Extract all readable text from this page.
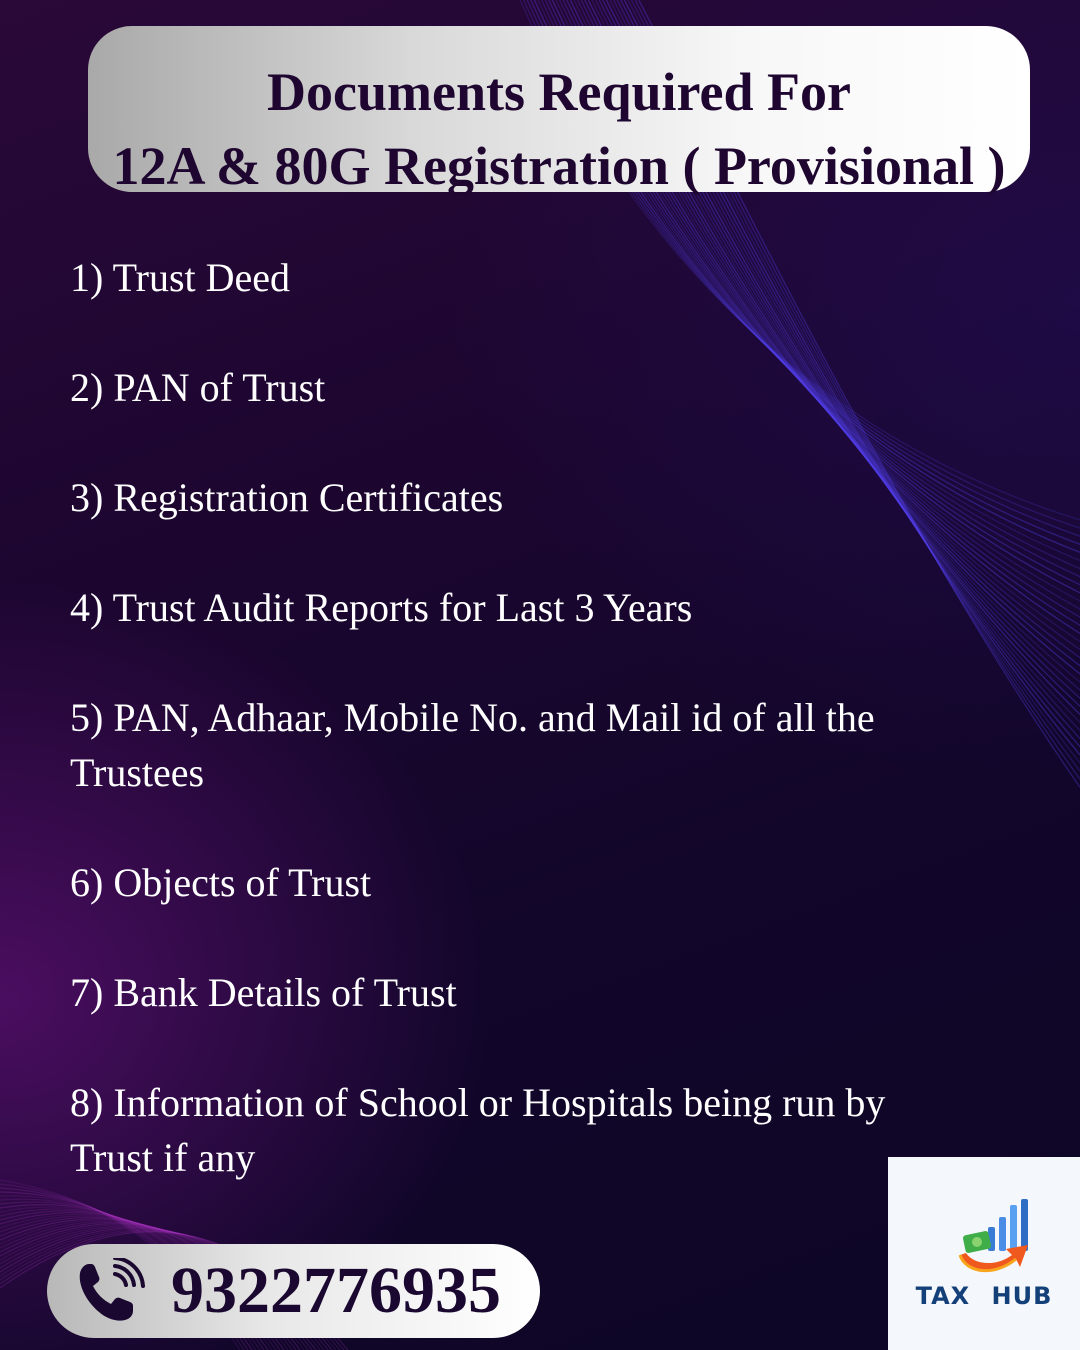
Documents Required For
12A & 80G Registration ( Provisional )
1) Trust Deed
2) PAN of Trust
3) Registration Certificates
4) Trust Audit Reports for Last 3 Years
5) PAN, Adhaar, Mobile No. and Mail id of all the Trustees
6) Objects of Trust
7) Bank Details of Trust
8) Information of School or Hospitals being run by Trust if any
9322776935	TAX HUB
